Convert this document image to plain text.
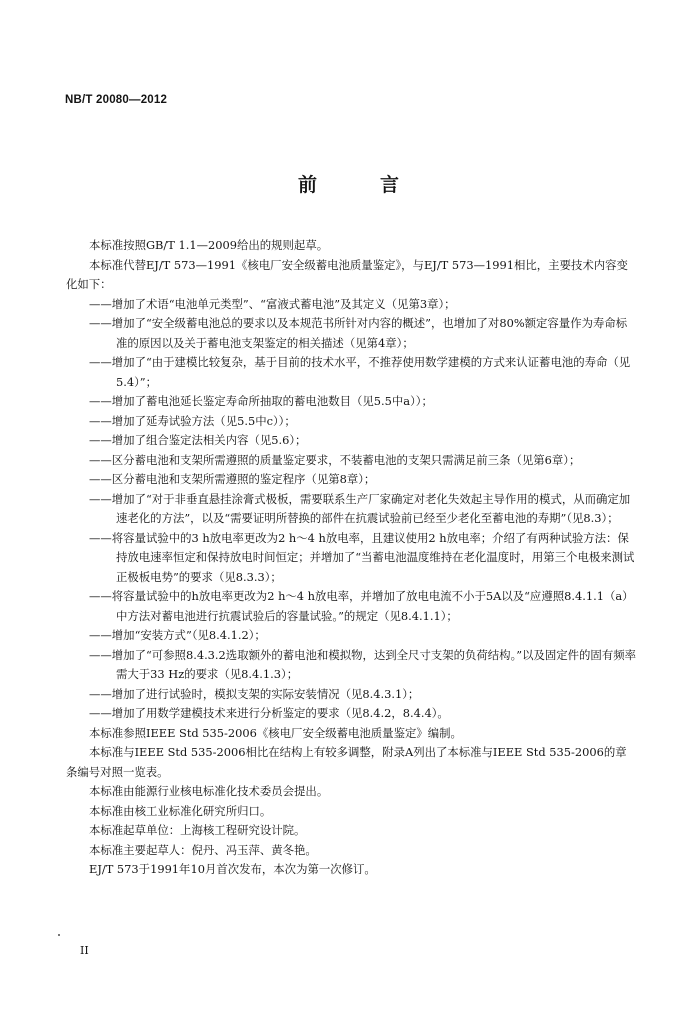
NB/T 20080—2012
前　言

本标准按照GB/T 1.1—2009给出的规则起草。

本标准代替EJ/T 573—1991《核电厂安全级蓄电池质量鉴定》，与EJ/T 573—1991相比，主要技术内容变化如下：

——增加了术语“电池单元类型”、“富液式蓄电池”及其定义（见第3章）；

——增加了“安全级蓄电池总的要求以及本规范书所针对内容的概述”，也增加了对80%额定容量作为寿命标准的原因以及关于蓄电池支架鉴定的相关描述（见第4章）；

——增加了“由于建模比较复杂，基于目前的技术水平，不推荐使用数学建模的方式来认证蓄电池的寿命（见5.4）”；

——增加了蓄电池延长鉴定寿命所抽取的蓄电池数目（见5.5中a））；

——增加了延寿试验方法（见5.5中c））；

——增加了组合鉴定法相关内容（见5.6）；

——区分蓄电池和支架所需遵照的质量鉴定要求，不装蓄电池的支架只需满足前三条（见第6章）；

——区分蓄电池和支架所需遵照的鉴定程序（见第8章）；

——增加了“对于非垂直悬挂涂膏式极板，需要联系生产厂家确定对老化失效起主导作用的模式，从而确定加速老化的方法”，以及“需要证明所替换的部件在抗震试验前已经至少老化至蓄电池的寿期”（见8.3）；

——将容量试验中的3 h放电率更改为2 h～4 h放电率，且建议使用2 h放电率；介绍了有两种试验方法：保持放电速率恒定和保持放电时间恒定；并增加了“当蓄电池温度维持在老化温度时，用第三个电极来测试正极板电势”的要求（见8.3.3）；

——将容量试验中的h放电率更改为2 h～4 h放电率，并增加了放电电流不小于5A以及“应遵照8.4.1.1（a）中方法对蓄电池进行抗震试验后的容量试验。”的规定（见8.4.1.1）；

——增加“安装方式”（见8.4.1.2）；

——增加了“可参照8.4.3.2选取额外的蓄电池和模拟物，达到全尺寸支架的负荷结构。”以及固定件的固有频率需大于33 Hz的要求（见8.4.1.3）；

——增加了进行试验时，模拟支架的实际安装情况（见8.4.3.1）；

——增加了用数学建模技术来进行分析鉴定的要求（见8.4.2，8.4.4）。

本标准参照IEEE Std 535-2006《核电厂安全级蓄电池质量鉴定》编制。

本标准与IEEE Std 535-2006相比在结构上有较多调整，附录A列出了本标准与IEEE Std 535-2006的章条编号对照一览表。

本标准由能源行业核电标准化技术委员会提出。

本标准由核工业标准化研究所归口。

本标准起草单位：上海核工程研究设计院。

本标准主要起草人：倪丹、冯玉萍、黄冬艳。

EJ/T 573于1991年10月首次发布，本次为第一次修订。

II
